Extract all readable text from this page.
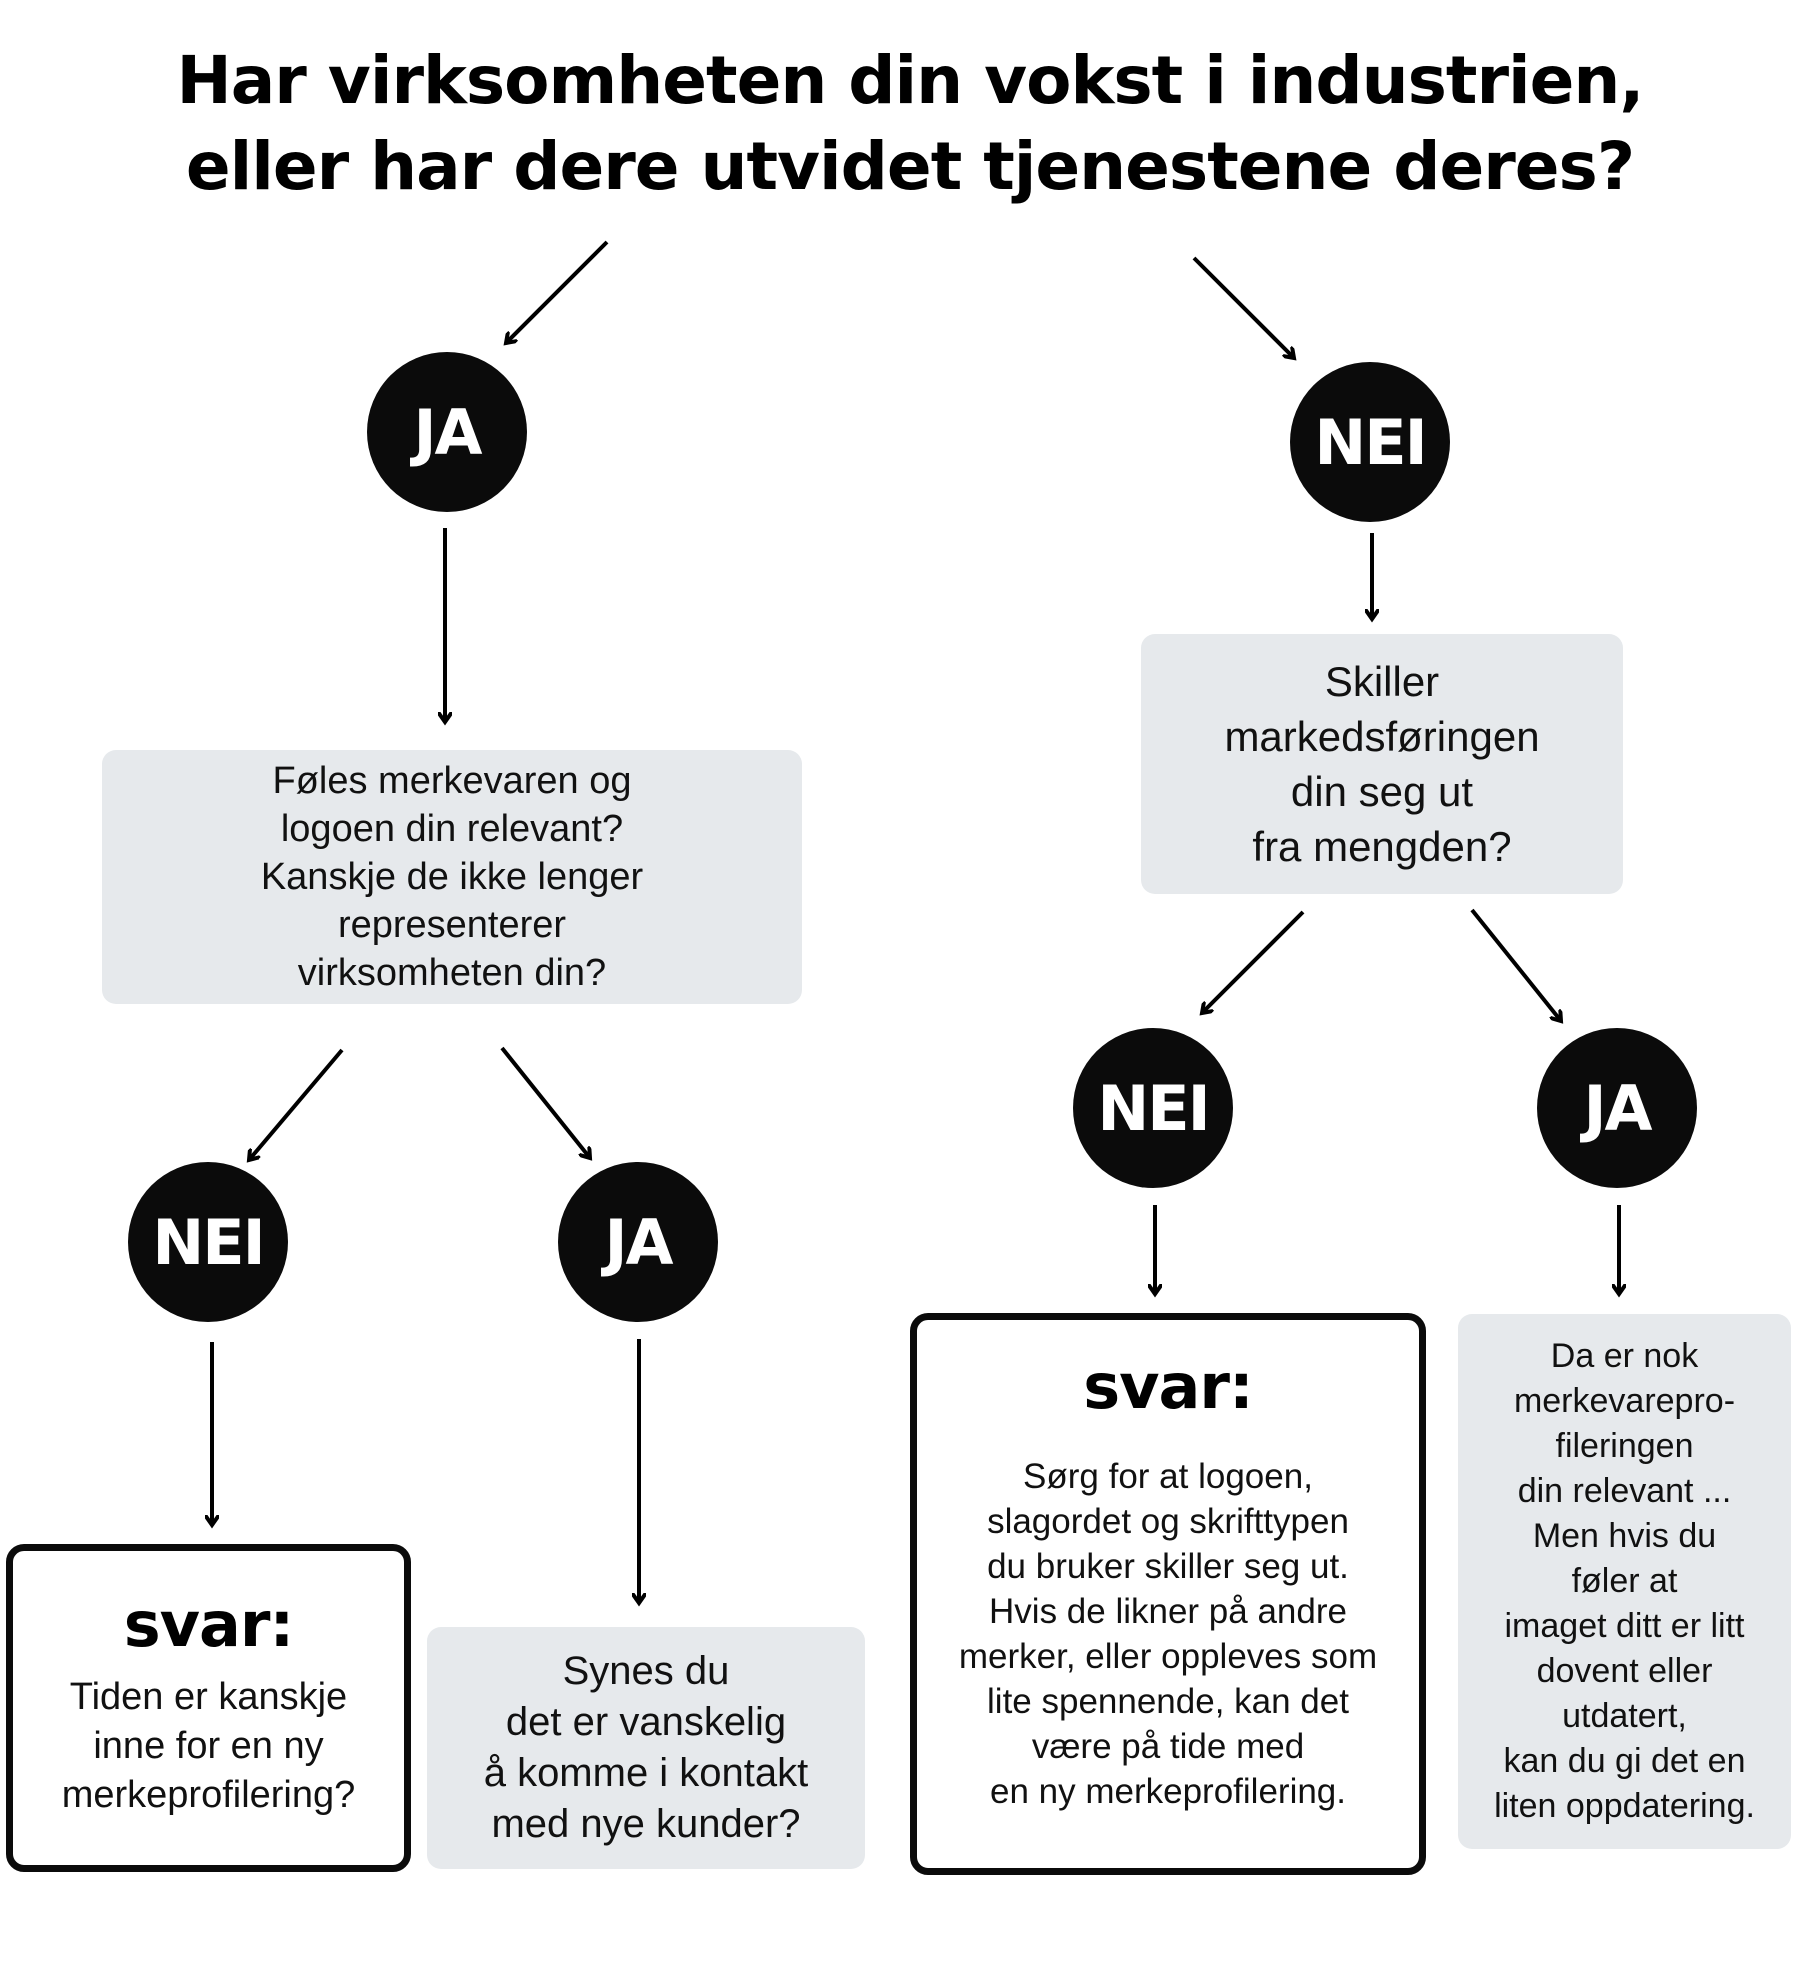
Har virksomheten din vokst i industrien,
eller har dere utvidet tjenestene deres?
JA	NEI
Føles merkevaren og
logoen din relevant?
Kanskje de ikke lenger
representerer
virksomheten din?
Skiller
markedsføringen
din seg ut
fra mengden?
NEI	JA
NEI	JA
svar:
Tiden er kanskje
inne for en ny
merkeprofilering?
Synes du
det er vanskelig
å komme i kontakt
med nye kunder?
svar:
Sørg for at logoen,
slagordet og skrifttypen
du bruker skiller seg ut.
Hvis de likner på andre
merker, eller oppleves som
lite spennende, kan det
være på tide med
en ny merkeprofilering.
Da er nok
merkevarepro-
fileringen
din relevant ...
Men hvis du
føler at
imaget ditt er litt
dovent eller
utdatert,
kan du gi det en
liten oppdatering.
